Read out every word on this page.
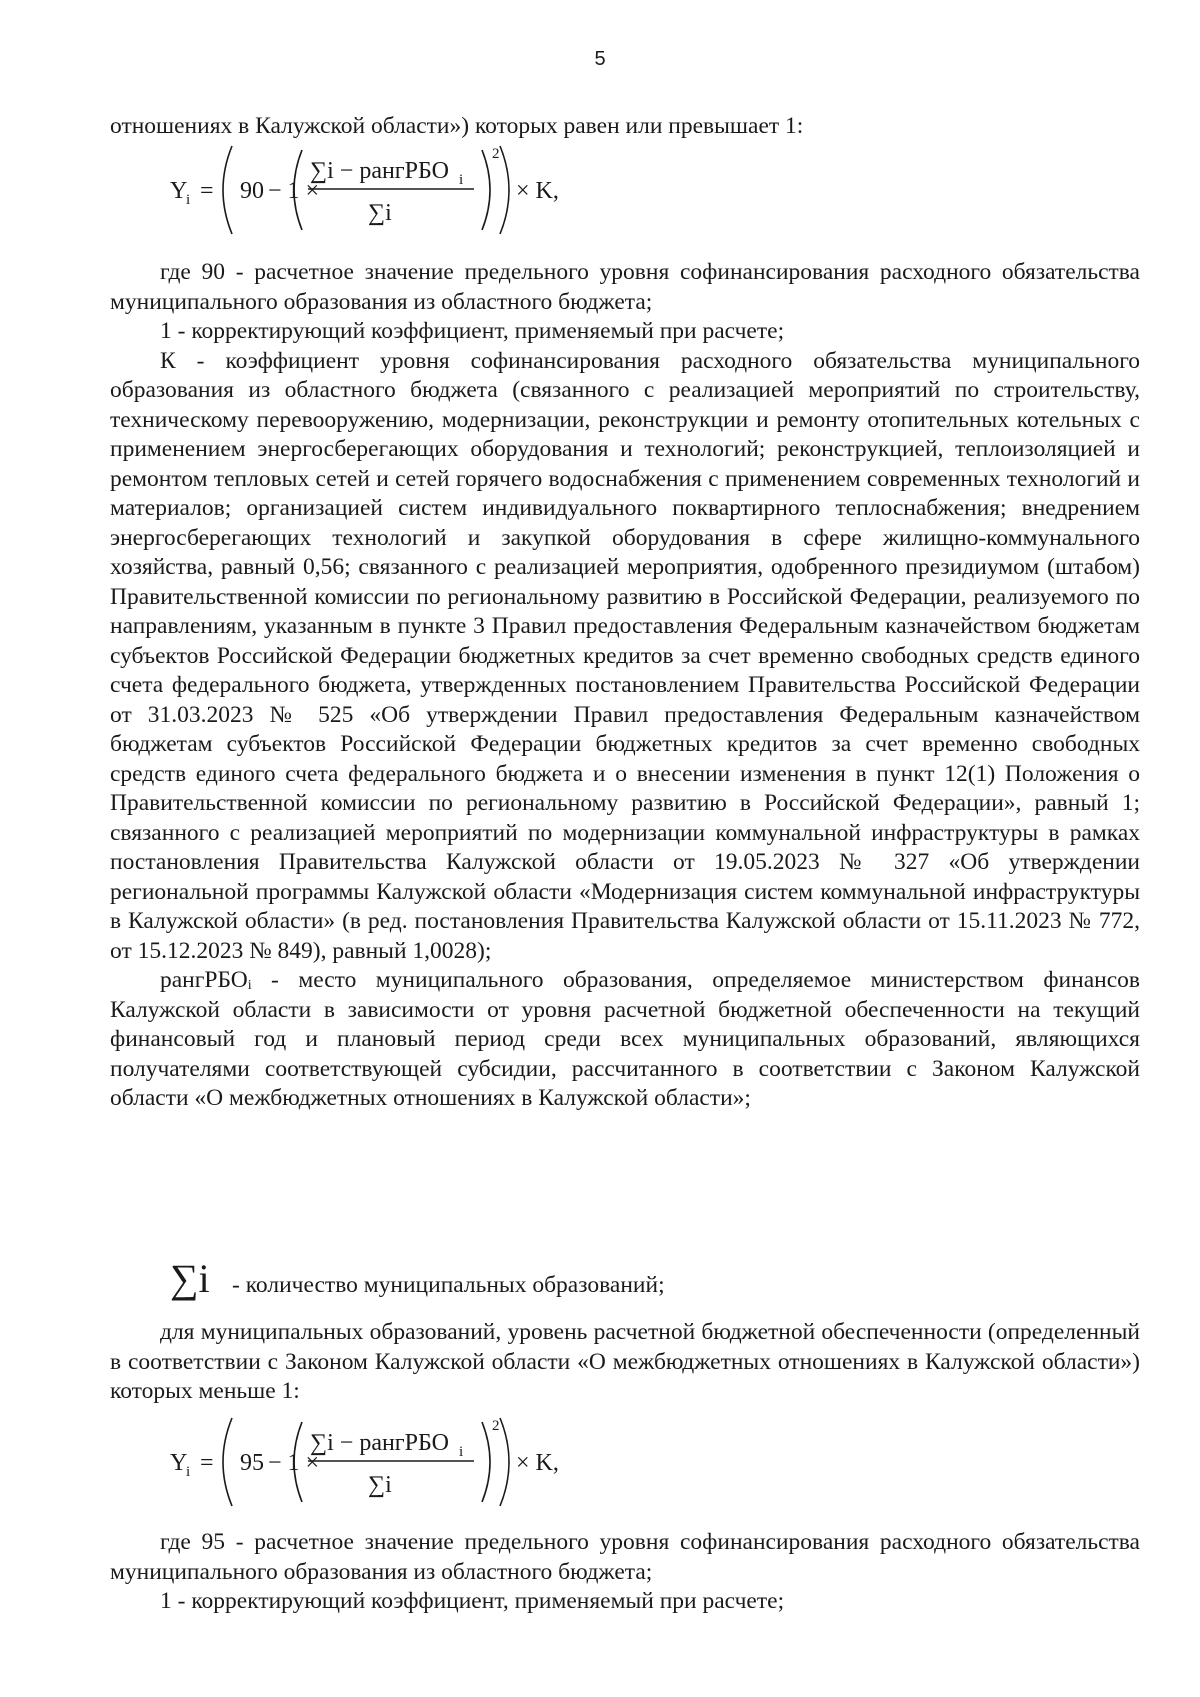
5

отношениях в Калужской области») которых равен или превышает 1:

Y
i = 90 − 1 ×
∑i − рангРБО i
∑i
2
× K,

где 90 - расчетное значение предельного уровня софинансирования расходного обязательства муниципального образования из областного бюджета;

1 - корректирующий коэффициент, применяемый при расчете;

К - коэффициент уровня софинансирования расходного обязательства муниципального образования из областного бюджета (связанного с реализацией мероприятий по строительству, техническому перевооружению, модернизации, реконструкции и ремонту отопительных котельных с применением энергосберегающих оборудования и технологий; реконструкцией, теплоизоляцией и ремонтом тепловых сетей и сетей горячего водоснабжения с применением современных технологий и материалов; организацией систем индивидуального поквартирного теплоснабжения; внедрением энергосберегающих технологий и закупкой оборудования в сфере жилищно-коммунального хозяйства, равный 0,56; связанного с реализацией мероприятия, одобренного президиумом (штабом) Правительственной комиссии по региональному развитию в Российской Федерации, реализуемого по направлениям, указанным в пункте 3 Правил предоставления Федеральным казначейством бюджетам субъектов Российской Федерации бюджетных кредитов за счет временно свободных средств единого счета федерального бюджета, утвержденных постановлением Правительства Российской Федерации от 31.03.2023 № 525 «Об утверждении Правил предоставления Федеральным казначейством бюджетам субъектов Российской Федерации бюджетных кредитов за счет временно свободных средств единого счета федерального бюджета и о внесении изменения в пункт 12(1) Положения о Правительственной комиссии по региональному развитию в Российской Федерации», равный 1; связанного с реализацией мероприятий по модернизации коммунальной инфраструктуры в рамках постановления Правительства Калужской области от 19.05.2023 № 327 «Об утверждении региональной программы Калужской области «Модернизация систем коммунальной инфраструктуры в Калужской области» (в ред. постановления Правительства Калужской области от 15.11.2023 № 772, от 15.12.2023 № 849), равный 1,0028);

рангРБОᵢ - место муниципального образования, определяемое министерством финансов Калужской области в зависимости от уровня расчетной бюджетной обеспеченности на текущий финансовый год и плановый период среди всех муниципальных образований, являющихся получателями соответствующей субсидии, рассчитанного в соответствии с Законом Калужской области «О межбюджетных отношениях в Калужской области»;

∑i - количество муниципальных образований;

для муниципальных образований, уровень расчетной бюджетной обеспеченности (определенный в соответствии с Законом Калужской области «О межбюджетных отношениях в Калужской области») которых меньше 1:

Y
i = 95 − 1 ×
∑i − рангРБО i
∑i
2
× K,

где 95 - расчетное значение предельного уровня софинансирования расходного обязательства муниципального образования из областного бюджета;

1 - корректирующий коэффициент, применяемый при расчете;
